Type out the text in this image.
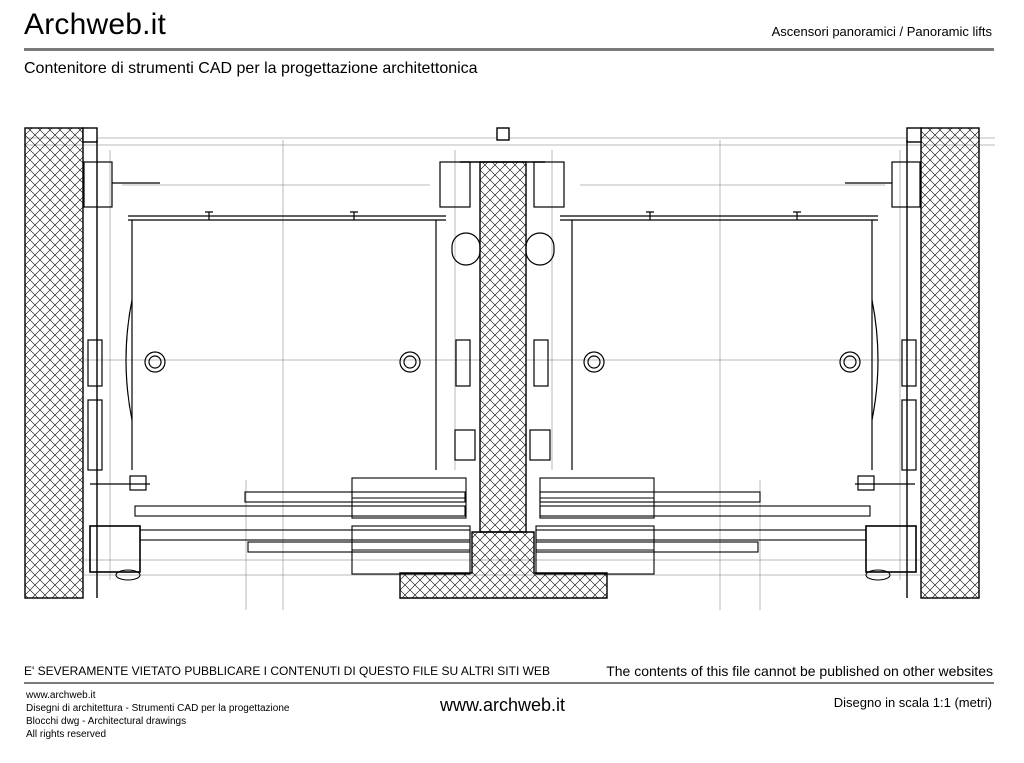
Archweb.it	Ascensori panoramici / Panoramic lifts
Contenitore di strumenti CAD per la progettazione architettonica
E' SEVERAMENTE VIETATO PUBBLICARE I CONTENUTI DI QUESTO FILE SU ALTRI SITI WEB	The contents of this file cannot be published on other websites
www.archweb.it
Disegni di architettura - Strumenti CAD per la progettazione
Blocchi dwg - Architectural drawings
All rights reserved
www.archweb.it	Disegno in scala 1:1 (metri)
